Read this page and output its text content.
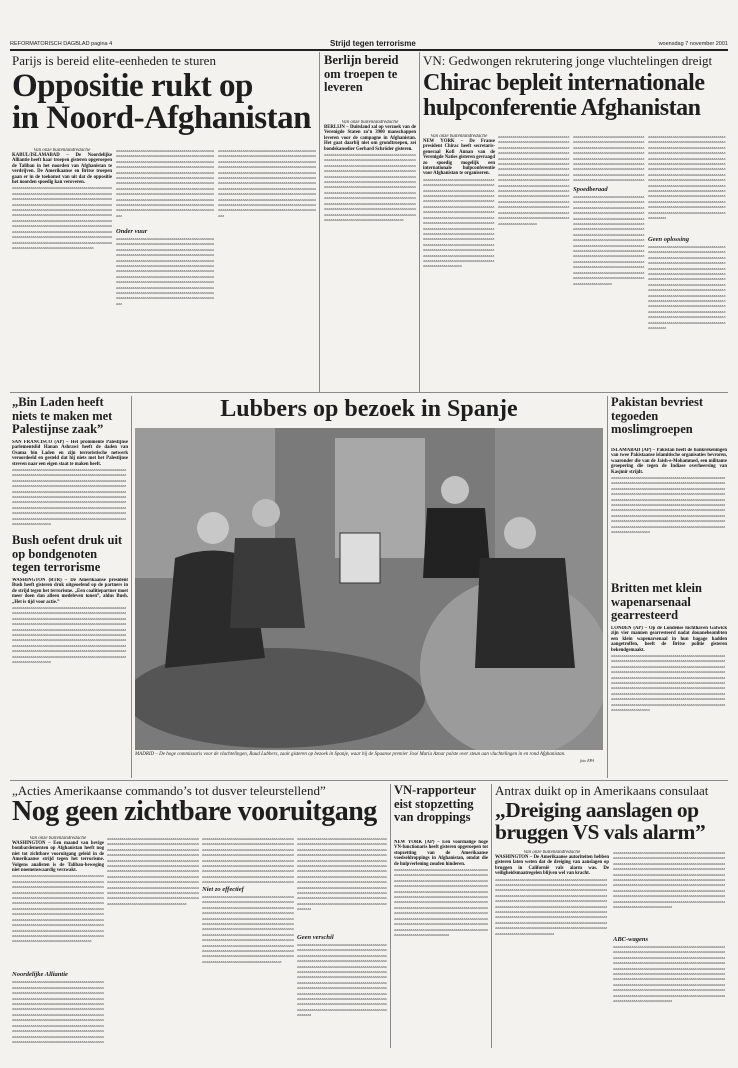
REFORMATORISCH DAGBLAD pagina 4	Strijd tegen terrorisme	woensdag 7 november 2001
Parijs is bereid elite-eenheden te sturen
Oppositie rukt op
in Noord-Afghanistan
Van onze buitenlandredactie
KABUL/ISLAMABAD – De Noordelijke Alliantie heeft haar troepen gisteren opgeroepen de Taliban in het noorden van Afghanistan te verdrijven. De Amerikaanse en Britse troepen gaan er in de toekomst van uit dat de oppositie het noorden spoedig kan veroveren.
aaaaaaaaaaaaaaaaaaaaaaaaaaaaaaaaaaaaaaaaaaaaaaaaaaaaaaaaaaaaaaaaaaaaaaaaaaaaaaaaaaaaaaaaaaaaaaaaaaaaaaaaaaaaaaaaaaaaaaaaaaaaaaaaaaaaaaaaaaaaaaaaaaaaaaaaaaaaaaaaaaaaaaaaaaaaaaaaaaaaaaaaaaaaaaaaaaaaaaaaaaaaaaaaaaaaaaaaaaaaaaaaaaaaaaaaaaaaaaaaaaaaaaaaaaaaaaaaaaaaaaaaaaaaaaaaaaaaaaaaaaaaaaaaaaaaaaaaaaaaaaaaaaaaaaaaaaaaaaaaaaaaaaaaaaaaaaaaaaaaaaaaaaaaaaaaaaaaaaaaaaaaaaaaaaaaaaaaaaaaaaaaaaaaaaaaaaaaaaaaaaaaaaaaaaaaaaaaaaaaaaaaaaaaaaaaaaaaaaaaaaaaaaaaaaaaaaaaaaaaaaaaaaaaaaaaaaaaaaaaaaaaaaaaaaaaaaaaaaaaaaaaaaaaaaaaaaaaaaaaaaaaaaaaaaaaaaaaaaaaaaaaaaaaaaaaaaaaaaaaaaaaaaaaaaaaaaaaaaa
aaaaaaaaaaaaaaaaaaaaaaaaaaaaaaaaaaaaaaaaaaaaaaaaaaaaaaaaaaaaaaaaaaaaaaaaaaaaaaaaaaaaaaaaaaaaaaaaaaaaaaaaaaaaaaaaaaaaaaaaaaaaaaaaaaaaaaaaaaaaaaaaaaaaaaaaaaaaaaaaaaaaaaaaaaaaaaaaaaaaaaaaaaaaaaaaaaaaaaaaaaaaaaaaaaaaaaaaaaaaaaaaaaaaaaaaaaaaaaaaaaaaaaaaaaaaaaaaaaaaaaaaaaaaaaaaaaaaaaaaaaaaaaaaaaaaaaaaaaaaaaaaaaaaaaaaaaaaaaaaaaaaaaaaaaaaaaaaaaaaaaaaaaaaaaaaaaaaaaaaaaaaaaaaaaaaaaaaaaaaaaaaaaaaaaaaaaaaaaaaaaaaaaaaaaaaaaaaaaaaaaaaaaaaaaaaaaaaaaaaaaaaaaaaaaaaaaaaaaaaaaaaaaaaaaaaaaaaaaaaaaaaaaaaaaaaaaaaaaaaaaaaaaaaaaaaaaaaaaaaaaaaaaaaaaaaaaaaaaaaaaaaaaaaaaaaaaaaaaaaaaaaaaaaaaaaaaaaaaa
Onder vuur
aaaaaaaaaaaaaaaaaaaaaaaaaaaaaaaaaaaaaaaaaaaaaaaaaaaaaaaaaaaaaaaaaaaaaaaaaaaaaaaaaaaaaaaaaaaaaaaaaaaaaaaaaaaaaaaaaaaaaaaaaaaaaaaaaaaaaaaaaaaaaaaaaaaaaaaaaaaaaaaaaaaaaaaaaaaaaaaaaaaaaaaaaaaaaaaaaaaaaaaaaaaaaaaaaaaaaaaaaaaaaaaaaaaaaaaaaaaaaaaaaaaaaaaaaaaaaaaaaaaaaaaaaaaaaaaaaaaaaaaaaaaaaaaaaaaaaaaaaaaaaaaaaaaaaaaaaaaaaaaaaaaaaaaaaaaaaaaaaaaaaaaaaaaaaaaaaaaaaaaaaaaaaaaaaaaaaaaaaaaaaaaaaaaaaaaaaaaaaaaaaaaaaaaaaaaaaaaaaaaaaaaaaaaaaaaaaaaaaaaaaaaaaaaaaaaaaaaaaaaaaaaaaaaaaaaaaaaaaaaaaaaaaaaaaaaaaaaaaaaaaaaaaaaaaaaaaaaaaaaaaaaaaaaaaaaaaaaaaaaaaaaaaaaaaaaaaaaaaaaaaaaaaaaaaaaaaaaaaaa
aaaaaaaaaaaaaaaaaaaaaaaaaaaaaaaaaaaaaaaaaaaaaaaaaaaaaaaaaaaaaaaaaaaaaaaaaaaaaaaaaaaaaaaaaaaaaaaaaaaaaaaaaaaaaaaaaaaaaaaaaaaaaaaaaaaaaaaaaaaaaaaaaaaaaaaaaaaaaaaaaaaaaaaaaaaaaaaaaaaaaaaaaaaaaaaaaaaaaaaaaaaaaaaaaaaaaaaaaaaaaaaaaaaaaaaaaaaaaaaaaaaaaaaaaaaaaaaaaaaaaaaaaaaaaaaaaaaaaaaaaaaaaaaaaaaaaaaaaaaaaaaaaaaaaaaaaaaaaaaaaaaaaaaaaaaaaaaaaaaaaaaaaaaaaaaaaaaaaaaaaaaaaaaaaaaaaaaaaaaaaaaaaaaaaaaaaaaaaaaaaaaaaaaaaaaaaaaaaaaaaaaaaaaaaaaaaaaaaaaaaaaaaaaaaaaaaaaaaaaaaaaaaaaaaaaaaaaaaaaaaaaaaaaaaaaaaaaaaaaaaaaaaaaaaaaaaaaaaaaaaaaaaaaaaaaaaaaaaaaaaaaaaaaaaaaaaaaaaaaaaaaaaaaaaaaaaaaaaaa
Berlijn bereid om troepen te leveren
Van onze buitenlandredactie
BERLIJN – Duitsland zal op verzoek van de Verenigde Staten zo’n 3900 manschappen leveren voor de campagne in Afghanistan. Het gaat daarbij niet om grondtroepen, zei bondskanselier Gerhard Schröder gisteren.
aaaaaaaaaaaaaaaaaaaaaaaaaaaaaaaaaaaaaaaaaaaaaaaaaaaaaaaaaaaaaaaaaaaaaaaaaaaaaaaaaaaaaaaaaaaaaaaaaaaaaaaaaaaaaaaaaaaaaaaaaaaaaaaaaaaaaaaaaaaaaaaaaaaaaaaaaaaaaaaaaaaaaaaaaaaaaaaaaaaaaaaaaaaaaaaaaaaaaaaaaaaaaaaaaaaaaaaaaaaaaaaaaaaaaaaaaaaaaaaaaaaaaaaaaaaaaaaaaaaaaaaaaaaaaaaaaaaaaaaaaaaaaaaaaaaaaaaaaaaaaaaaaaaaaaaaaaaaaaaaaaaaaaaaaaaaaaaaaaaaaaaaaaaaaaaaaaaaaaaaaaaaaaaaaaaaaaaaaaaaaaaaaaaaaaaaaaaaaaaaaaaaaaaaaaaaaaaaaaaaaaaaaaaaaaaaaaaaaaaaaaaaaaaaaaaaaaaaaaaaaaaaaaaaaaaaaaaaaaaaaaaaaaaaaaaaaaaaaaaaaaaaaaaaaaaaaaaaaaaaaaaaaaaaaaaaaaaaaaaaaaaaaaaaaaaaaaaaaaaaaaaaaaaaaaaaaaaaaaa
VN: Gedwongen rekrutering jonge vluchtelingen dreigt
Chirac bepleit internationale
hulpconferentie Afghanistan
Van onze buitenlandredactie
NEW YORK – De Franse president Chirac heeft secretaris-generaal Kofi Annan van de Verenigde Naties gisteren gevraagd zo spoedig mogelijk een internationale hulpconferentie voor Afghanistan te organiseren.
aaaaaaaaaaaaaaaaaaaaaaaaaaaaaaaaaaaaaaaaaaaaaaaaaaaaaaaaaaaaaaaaaaaaaaaaaaaaaaaaaaaaaaaaaaaaaaaaaaaaaaaaaaaaaaaaaaaaaaaaaaaaaaaaaaaaaaaaaaaaaaaaaaaaaaaaaaaaaaaaaaaaaaaaaaaaaaaaaaaaaaaaaaaaaaaaaaaaaaaaaaaaaaaaaaaaaaaaaaaaaaaaaaaaaaaaaaaaaaaaaaaaaaaaaaaaaaaaaaaaaaaaaaaaaaaaaaaaaaaaaaaaaaaaaaaaaaaaaaaaaaaaaaaaaaaaaaaaaaaaaaaaaaaaaaaaaaaaaaaaaaaaaaaaaaaaaaaaaaaaaaaaaaaaaaaaaaaaaaaaaaaaaaaaaaaaaaaaaaaaaaaaaaaaaaaaaaaaaaaaaaaaaaaaaaaaaaaaaaaaaaaaaaaaaaaaaaaaaaaaaaaaaaaaaaaaaaaaaaaaaaaaaaaaaaaaaaaaaaaaaaaaaaaaaaaaaaaaaaaaaaaaaaaaaaaaaaaaaaaaaaaaaaaaaaaaaaaaaaaaaaaaaaaaaaaaaaaaaaa
aaaaaaaaaaaaaaaaaaaaaaaaaaaaaaaaaaaaaaaaaaaaaaaaaaaaaaaaaaaaaaaaaaaaaaaaaaaaaaaaaaaaaaaaaaaaaaaaaaaaaaaaaaaaaaaaaaaaaaaaaaaaaaaaaaaaaaaaaaaaaaaaaaaaaaaaaaaaaaaaaaaaaaaaaaaaaaaaaaaaaaaaaaaaaaaaaaaaaaaaaaaaaaaaaaaaaaaaaaaaaaaaaaaaaaaaaaaaaaaaaaaaaaaaaaaaaaaaaaaaaaaaaaaaaaaaaaaaaaaaaaaaaaaaaaaaaaaaaaaaaaaaaaaaaaaaaaaaaaaaaaaaaaaaaaaaaaaaaaaaaaaaaaaaaaaaaaaaaaaaaaaaaaaaaaaaaaaaaaaaaaaaaaaaaaaaaaaaaaaaaaaaaaaaaaaaaaaaaaaaaaaaaaaaaaaaaaaaaaaaaaaaaaaaaaaaaaaaaaaaaaaaaaaaaaaaaaaaaaaaaaaaaaaaaaaaaaaaaaaaaaaaaaaaaaaaaaaaaaaaaaaaaaaaaaaaaaaaaaaaaaaaaaaaaaaaaaaaaaaaaaaaaaaaaaaaaaaaaaa
aaaaaaaaaaaaaaaaaaaaaaaaaaaaaaaaaaaaaaaaaaaaaaaaaaaaaaaaaaaaaaaaaaaaaaaaaaaaaaaaaaaaaaaaaaaaaaaaaaaaaaaaaaaaaaaaaaaaaaaaaaaaaaaaaaaaaaaaaaaaaaaaaaaaaaaaaaaaaaaaaaaaaaaaaaaaaaaaaaaaaaaaaaaaaaaaaaaaaaaaaaaaaaaaaaaaaaaaaaaaaaaaaaaaaaaaaaaaaaaaaaaaaaaaaaaaaaaaaaaaaaaaaaaaaaaaaaaaaaaaaaaaaaaaaaaaaaaaaaaaaaaaaaaaaaaaaaa
Spoedberaad
aaaaaaaaaaaaaaaaaaaaaaaaaaaaaaaaaaaaaaaaaaaaaaaaaaaaaaaaaaaaaaaaaaaaaaaaaaaaaaaaaaaaaaaaaaaaaaaaaaaaaaaaaaaaaaaaaaaaaaaaaaaaaaaaaaaaaaaaaaaaaaaaaaaaaaaaaaaaaaaaaaaaaaaaaaaaaaaaaaaaaaaaaaaaaaaaaaaaaaaaaaaaaaaaaaaaaaaaaaaaaaaaaaaaaaaaaaaaaaaaaaaaaaaaaaaaaaaaaaaaaaaaaaaaaaaaaaaaaaaaaaaaaaaaaaaaaaaaaaaaaaaaaaaaaaaaaaaaaaaaaaaaaaaaaaaaaaaaaaaaaaaaaaaaaaaaaaaaaaaaaaaaaaaaaaaaaaaaaaaaaaaaaaaaaaaaaaaaaaaaaaaaaaaaaaaaaaaaaaaaaaaaaaaaaaaaaaaaaaaaaaaaaaaaaaaaaaaaaaaaaaaaaaaaaaaaaaaaaaaaaaaaaaaaaaaaaaaaaaaaaaaaaaaaaaaaaaaaaaaaaaaaaaaaaaaaaaaaaaaaaaaaaaaaaaaaaaaaaaaaaaaaaaaaaaaaaaaaaaa
aaaaaaaaaaaaaaaaaaaaaaaaaaaaaaaaaaaaaaaaaaaaaaaaaaaaaaaaaaaaaaaaaaaaaaaaaaaaaaaaaaaaaaaaaaaaaaaaaaaaaaaaaaaaaaaaaaaaaaaaaaaaaaaaaaaaaaaaaaaaaaaaaaaaaaaaaaaaaaaaaaaaaaaaaaaaaaaaaaaaaaaaaaaaaaaaaaaaaaaaaaaaaaaaaaaaaaaaaaaaaaaaaaaaaaaaaaaaaaaaaaaaaaaaaaaaaaaaaaaaaaaaaaaaaaaaaaaaaaaaaaaaaaaaaaaaaaaaaaaaaaaaaaaaaaaaaaaaaaaaaaaaaaaaaaaaaaaaaaaaaaaaaaaaaaaaaaaaaaaaaaaaaaaaaaaaaaaaaaaaaaaaaaaaaaaaaaaaaaaaaaaaaaaaaaaaaaaaaaaaaaaaaaaaaaaaaaaaaaaaaaaaaaaaaaaaaaaaaaaaaaaaaaaaaaaaaaaaaaaaaaaaaaaaaaaaaaaaaaaaaaaaaaaaaaaaaaaaaaaaaaaaaaaaaaaaaaaaaaaaaaaaaaaaaaaaaaaaaaaaaaaaaaaaaaaaaaaaaaa
Geen oplossing
aaaaaaaaaaaaaaaaaaaaaaaaaaaaaaaaaaaaaaaaaaaaaaaaaaaaaaaaaaaaaaaaaaaaaaaaaaaaaaaaaaaaaaaaaaaaaaaaaaaaaaaaaaaaaaaaaaaaaaaaaaaaaaaaaaaaaaaaaaaaaaaaaaaaaaaaaaaaaaaaaaaaaaaaaaaaaaaaaaaaaaaaaaaaaaaaaaaaaaaaaaaaaaaaaaaaaaaaaaaaaaaaaaaaaaaaaaaaaaaaaaaaaaaaaaaaaaaaaaaaaaaaaaaaaaaaaaaaaaaaaaaaaaaaaaaaaaaaaaaaaaaaaaaaaaaaaaaaaaaaaaaaaaaaaaaaaaaaaaaaaaaaaaaaaaaaaaaaaaaaaaaaaaaaaaaaaaaaaaaaaaaaaaaaaaaaaaaaaaaaaaaaaaaaaaaaaaaaaaaaaaaaaaaaaaaaaaaaaaaaaaaaaaaaaaaaaaaaaaaaaaaaaaaaaaaaaaaaaaaaaaaaaaaaaaaaaaaaaaaaaaaaaaaaaaaaaaaaaaaaaaaaaaaaaaaaaaaaaaaaaaaaaaaaaaaaaaaaaaaaaaaaaaaaaaaaaaaaaaa
„Bin Laden heeft niets te maken met Palestijnse zaak”
SAN FRANCISCO (AP) – Het prominente Palestijnse parlementslid Hanan Ashrawi heeft de daden van Osama bin Laden en zijn terroristische netwerk veroordeeld en gesteld dat hij niets met het Palestijnse streven naar een eigen staat te maken heeft.
aaaaaaaaaaaaaaaaaaaaaaaaaaaaaaaaaaaaaaaaaaaaaaaaaaaaaaaaaaaaaaaaaaaaaaaaaaaaaaaaaaaaaaaaaaaaaaaaaaaaaaaaaaaaaaaaaaaaaaaaaaaaaaaaaaaaaaaaaaaaaaaaaaaaaaaaaaaaaaaaaaaaaaaaaaaaaaaaaaaaaaaaaaaaaaaaaaaaaaaaaaaaaaaaaaaaaaaaaaaaaaaaaaaaaaaaaaaaaaaaaaaaaaaaaaaaaaaaaaaaaaaaaaaaaaaaaaaaaaaaaaaaaaaaaaaaaaaaaaaaaaaaaaaaaaaaaaaaaaaaaaaaaaaaaaaaaaaaaaaaaaaaaaaaaaaaaaaaaaaaaaaaaaaaaaaaaaaaaaaaaaaaaaaaaaaaaaaaaaaaaaaaaaaaaaaaaaaaaaaaaaaaaaaaaaaaaaaaaaaaaaaaaaaaaaaaaaaaaaaaaaaaaaaaaaaaaaaaaaaaaaaaaaaaaaaaaaaaaaaaaaaaaaaaaaaaaaaaaaaaaaaaaaaaaaaaaaaaaaaaaaaaaaaaaaaaaaaaaaaaaaaaaaaaaaaaaaaaaaa
Bush oefent druk uit op bondgenoten tegen terrorisme
WASHINGTON (RTR) – De Amerikaanse president Bush heeft gisteren druk uitgeoefend op de partners in de strijd tegen het terrorisme. „Een coalitiepartner moet meer doen dan alleen medeleven tonen”, aldus Bush. „Het is tijd voor actie.”
aaaaaaaaaaaaaaaaaaaaaaaaaaaaaaaaaaaaaaaaaaaaaaaaaaaaaaaaaaaaaaaaaaaaaaaaaaaaaaaaaaaaaaaaaaaaaaaaaaaaaaaaaaaaaaaaaaaaaaaaaaaaaaaaaaaaaaaaaaaaaaaaaaaaaaaaaaaaaaaaaaaaaaaaaaaaaaaaaaaaaaaaaaaaaaaaaaaaaaaaaaaaaaaaaaaaaaaaaaaaaaaaaaaaaaaaaaaaaaaaaaaaaaaaaaaaaaaaaaaaaaaaaaaaaaaaaaaaaaaaaaaaaaaaaaaaaaaaaaaaaaaaaaaaaaaaaaaaaaaaaaaaaaaaaaaaaaaaaaaaaaaaaaaaaaaaaaaaaaaaaaaaaaaaaaaaaaaaaaaaaaaaaaaaaaaaaaaaaaaaaaaaaaaaaaaaaaaaaaaaaaaaaaaaaaaaaaaaaaaaaaaaaaaaaaaaaaaaaaaaaaaaaaaaaaaaaaaaaaaaaaaaaaaaaaaaaaaaaaaaaaaaaaaaaaaaaaaaaaaaaaaaaaaaaaaaaaaaaaaaaaaaaaaaaaaaaaaaaaaaaaaaaaaaaaaaaaaaaaa
Lubbers op bezoek in Spanje
MADRID – De hoge commissaris voor de vluchtelingen, Ruud Lubbers, zaait gisteren op bezoek in Spanje, waar hij de Spaanse premier José María Aznar polste over steun aan vluchtelingen in en rond Afghanistan.
foto EPA
Pakistan bevriest tegoeden moslimgroepen
ISLAMABAD (AP) – Pakistan heeft de bankrekeningen van twee Pakistaanse islamitische organisaties bevroren, waaronder die van de Jaish-e-Mohammed, een militante groepering die tegen de Indiase overheersing van Kasjmir strijdt.
aaaaaaaaaaaaaaaaaaaaaaaaaaaaaaaaaaaaaaaaaaaaaaaaaaaaaaaaaaaaaaaaaaaaaaaaaaaaaaaaaaaaaaaaaaaaaaaaaaaaaaaaaaaaaaaaaaaaaaaaaaaaaaaaaaaaaaaaaaaaaaaaaaaaaaaaaaaaaaaaaaaaaaaaaaaaaaaaaaaaaaaaaaaaaaaaaaaaaaaaaaaaaaaaaaaaaaaaaaaaaaaaaaaaaaaaaaaaaaaaaaaaaaaaaaaaaaaaaaaaaaaaaaaaaaaaaaaaaaaaaaaaaaaaaaaaaaaaaaaaaaaaaaaaaaaaaaaaaaaaaaaaaaaaaaaaaaaaaaaaaaaaaaaaaaaaaaaaaaaaaaaaaaaaaaaaaaaaaaaaaaaaaaaaaaaaaaaaaaaaaaaaaaaaaaaaaaaaaaaaaaaaaaaaaaaaaaaaaaaaaaaaaaaaaaaaaaaaaaaaaaaaaaaaaaaaaaaaaaaaaaaaaaaaaaaaaaaaaaaaaaaaaaaaaaaaaaaaaaaaaaaaaaaaaaaaaaaaaaaaaaaaaaaaaaaaaaaaaaaaaaaaaaaaaaaaaaaaaaa
Britten met klein wapenarsenaal gearresteerd
LONDEN (AP) – Op de Londense luchthaven Gatwick zijn vier mannen gearresteerd nadat douanebeambten een klein wapenarsenaal in hun bagage hadden aangetroffen, heeft de Britse politie gisteren bekendgemaakt.
aaaaaaaaaaaaaaaaaaaaaaaaaaaaaaaaaaaaaaaaaaaaaaaaaaaaaaaaaaaaaaaaaaaaaaaaaaaaaaaaaaaaaaaaaaaaaaaaaaaaaaaaaaaaaaaaaaaaaaaaaaaaaaaaaaaaaaaaaaaaaaaaaaaaaaaaaaaaaaaaaaaaaaaaaaaaaaaaaaaaaaaaaaaaaaaaaaaaaaaaaaaaaaaaaaaaaaaaaaaaaaaaaaaaaaaaaaaaaaaaaaaaaaaaaaaaaaaaaaaaaaaaaaaaaaaaaaaaaaaaaaaaaaaaaaaaaaaaaaaaaaaaaaaaaaaaaaaaaaaaaaaaaaaaaaaaaaaaaaaaaaaaaaaaaaaaaaaaaaaaaaaaaaaaaaaaaaaaaaaaaaaaaaaaaaaaaaaaaaaaaaaaaaaaaaaaaaaaaaaaaaaaaaaaaaaaaaaaaaaaaaaaaaaaaaaaaaaaaaaaaaaaaaaaaaaaaaaaaaaaaaaaaaaaaaaaaaaaaaaaaaaaaaaaaaaaaaaaaaaaaaaaaaaaaaaaaaaaaaaaaaaaaaaaaaaaaaaaaaaaaaaaaaaaaaaaaaaaaaa
„Acties Amerikaanse commando’s tot dusver teleurstellend”
Nog geen zichtbare vooruitgang
Van onze buitenlandredactie
WASHINGTON – Een maand van hevige bombardementen op Afghanistan heeft nog niet tot zichtbare vooruitgang geleid in de Amerikaanse strijd tegen het terrorisme. Volgens analisten is de Taliban-beweging niet noemenswaardig verzwakt.
aaaaaaaaaaaaaaaaaaaaaaaaaaaaaaaaaaaaaaaaaaaaaaaaaaaaaaaaaaaaaaaaaaaaaaaaaaaaaaaaaaaaaaaaaaaaaaaaaaaaaaaaaaaaaaaaaaaaaaaaaaaaaaaaaaaaaaaaaaaaaaaaaaaaaaaaaaaaaaaaaaaaaaaaaaaaaaaaaaaaaaaaaaaaaaaaaaaaaaaaaaaaaaaaaaaaaaaaaaaaaaaaaaaaaaaaaaaaaaaaaaaaaaaaaaaaaaaaaaaaaaaaaaaaaaaaaaaaaaaaaaaaaaaaaaaaaaaaaaaaaaaaaaaaaaaaaaaaaaaaaaaaaaaaaaaaaaaaaaaaaaaaaaaaaaaaaaaaaaaaaaaaaaaaaaaaaaaaaaaaaaaaaaaaaaaaaaaaaaaaaaaaaaaaaaaaaaaaaaaaaaaaaaaaaaaaaaaaaaaaaaaaaaaaaaaaaaaaaaaaaaaaaaaaaaaaaaaaaaaaaaaaaaaaaaaaaaaaaaaaaaaaaaaaaaaaaaaaaaaaaaaaaaaaaaaaaaaaaaaaaaaaaaaaaaaaaaaaaaaaaaaaaaaaaaaaaaaaaaa
Noordelijke Alliantie
aaaaaaaaaaaaaaaaaaaaaaaaaaaaaaaaaaaaaaaaaaaaaaaaaaaaaaaaaaaaaaaaaaaaaaaaaaaaaaaaaaaaaaaaaaaaaaaaaaaaaaaaaaaaaaaaaaaaaaaaaaaaaaaaaaaaaaaaaaaaaaaaaaaaaaaaaaaaaaaaaaaaaaaaaaaaaaaaaaaaaaaaaaaaaaaaaaaaaaaaaaaaaaaaaaaaaaaaaaaaaaaaaaaaaaaaaaaaaaaaaaaaaaaaaaaaaaaaaaaaaaaaaaaaaaaaaaaaaaaaaaaaaaaaaaaaaaaaaaaaaaaaaaaaaaaaaaaaaaaaaaaaaaaaaaaaaaaaaaaaaaaaaaaaaaaaaaaaaaaaaaaaaaaaaaaaaaaaaaaaaaaaaaaaaaaaaaaaaaaaaaaaaaaaaaaaaaaaaaaaaaaaaaaaaaaaaaaaaaaaaaaaaaaaaaaaaaaaaaaaaaaaaaaaaaaaaaaaaaaaaaaaaaaaaaaaaaaaaaaaaaaaaaaaaaaaaaaaaaaaaaaaaaaaaaaaaaaaaaaa
aaaaaaaaaaaaaaaaaaaaaaaaaaaaaaaaaaaaaaaaaaaaaaaaaaaaaaaaaaaaaaaaaaaaaaaaaaaaaaaaaaaaaaaaaaaaaaaaaaaaaaaaaaaaaaaaaaaaaaaaaaaaaaaaaaaaaaaaaaaaaaaaaaaaaaaaaaaaaaaaaaaaaaaaaaaaaaaaaaaaaaaaaaaaaaaaaaaaaaaaaaaaaaaaaaaaaaaaaaaaaaaaaaaaaaaaaaaaaaaaaaaaaaaaaaaaaaaaaaaaaaaaaaaaaaaaaaaaaaaaaaaaaaaaaaaaaaaaaaaaaaaaaaaaaaaaaaaaaaaaaaaaaaaaaaaaaaaaaaaaaaaaaaaaaaaaaaaaaaaaaaaaaaaaaaaaaaaaaaaaaaaaaaaaaaaaaaaaaaaaaaaaaaaaaaaaaaaaaaaaaaaaaaaaaaaaaaaaaaaaaaaaaaaaaaaaaaaaaaaaaaaaaaaaaaaaaaaaaaaaaaaaaaaaaaaaaaaaaaaaaaaaaaaaaaaaaaaaaaaaaaaaaaaaaaaaaaaaaaaaaaaaaaaaaaaaaaaaaaaaaaaaaaaaaaaaaaaaaaa
aaaaaaaaaaaaaaaaaaaaaaaaaaaaaaaaaaaaaaaaaaaaaaaaaaaaaaaaaaaaaaaaaaaaaaaaaaaaaaaaaaaaaaaaaaaaaaaaaaaaaaaaaaaaaaaaaaaaaaaaaaaaaaaaaaaaaaaaaaaaaaaaaaaaaaaaaaaaaaaaaaaaaaaaaaaaaaaaaaaaaaaaaaaaaaaaaaaaaaaaaaaaaaaaaaaaaaaaaaaaaaaaaaaaaaaaaaaaaaaaaaaaaaaaaaaaaaaaaaaaaaaaaaaaaaaaaaaaaaaaaaaaaaaaaaaaaaaaaaaaaaaaaaaaaaaaaaaaaaaaaaaaaaaaaaaaaaaaaaaaaaaaaaaaaaaaaaaaaaaaaaaaaaaaaaaaaaaaaaaaaaaaaaaaaaaaaaaaaaaaaaaaa
Niet zo effectief
aaaaaaaaaaaaaaaaaaaaaaaaaaaaaaaaaaaaaaaaaaaaaaaaaaaaaaaaaaaaaaaaaaaaaaaaaaaaaaaaaaaaaaaaaaaaaaaaaaaaaaaaaaaaaaaaaaaaaaaaaaaaaaaaaaaaaaaaaaaaaaaaaaaaaaaaaaaaaaaaaaaaaaaaaaaaaaaaaaaaaaaaaaaaaaaaaaaaaaaaaaaaaaaaaaaaaaaaaaaaaaaaaaaaaaaaaaaaaaaaaaaaaaaaaaaaaaaaaaaaaaaaaaaaaaaaaaaaaaaaaaaaaaaaaaaaaaaaaaaaaaaaaaaaaaaaaaaaaaaaaaaaaaaaaaaaaaaaaaaaaaaaaaaaaaaaaaaaaaaaaaaaaaaaaaaaaaaaaaaaaaaaaaaaaaaaaaaaaaaaaaaaaaaaaaaaaaaaaaaaaaaaaaaaaaaaaaaaaaaaaaaaaaaaaaaaaaaaaaaaaaaaaaaaaaaaaaaaaaaaaaaaaaaaaaaaaaaaaaaaaaaaaaaaaaaaaaaaaaaaaaaaaaaaaaaaaaaaaaaaaaaaaaaaaaaaaaaaaaaaaaaaaaaaaaaaaaaaaaa
aaaaaaaaaaaaaaaaaaaaaaaaaaaaaaaaaaaaaaaaaaaaaaaaaaaaaaaaaaaaaaaaaaaaaaaaaaaaaaaaaaaaaaaaaaaaaaaaaaaaaaaaaaaaaaaaaaaaaaaaaaaaaaaaaaaaaaaaaaaaaaaaaaaaaaaaaaaaaaaaaaaaaaaaaaaaaaaaaaaaaaaaaaaaaaaaaaaaaaaaaaaaaaaaaaaaaaaaaaaaaaaaaaaaaaaaaaaaaaaaaaaaaaaaaaaaaaaaaaaaaaaaaaaaaaaaaaaaaaaaaaaaaaaaaaaaaaaaaaaaaaaaaaaaaaaaaaaaaaaaaaaaaaaaaaaaaaaaaaaaaaaaaaaaaaaaaaaaaaaaaaaaaaaaaaaaaaaaaaaaaaaaaaaaaaaaaaaaaaaaaaaaaaaaaaaaaaaaaaaaaaaaaaaaaaaaaaaaaaaaaaaaaaaaaaaaaaaaaaaaaaaaaaaaaaaaaaaaaaaaaaaaaaaaaaaaaaaaaaaaaaaaaaaaaaaaaaaaaaaaaaaaaaaaaaaaaaaaaaaaaaaaaaaaaaaaaaaaaaaaaaaaaaaaaaaaaaaaaaa
Geen verschil
aaaaaaaaaaaaaaaaaaaaaaaaaaaaaaaaaaaaaaaaaaaaaaaaaaaaaaaaaaaaaaaaaaaaaaaaaaaaaaaaaaaaaaaaaaaaaaaaaaaaaaaaaaaaaaaaaaaaaaaaaaaaaaaaaaaaaaaaaaaaaaaaaaaaaaaaaaaaaaaaaaaaaaaaaaaaaaaaaaaaaaaaaaaaaaaaaaaaaaaaaaaaaaaaaaaaaaaaaaaaaaaaaaaaaaaaaaaaaaaaaaaaaaaaaaaaaaaaaaaaaaaaaaaaaaaaaaaaaaaaaaaaaaaaaaaaaaaaaaaaaaaaaaaaaaaaaaaaaaaaaaaaaaaaaaaaaaaaaaaaaaaaaaaaaaaaaaaaaaaaaaaaaaaaaaaaaaaaaaaaaaaaaaaaaaaaaaaaaaaaaaaaaaaaaaaaaaaaaaaaaaaaaaaaaaaaaaaaaaaaaaaaaaaaaaaaaaaaaaaaaaaaaaaaaaaaaaaaaaaaaaaaaaaaaaaaaaaaaaaaaaaaaaaaaaaaaaaaaaaaaaaaaaaaaaaaaaaaaaaaaaaaaaaaaaaaaaaaaaaaaaaaaaaaaaaaaaaaaaa
VN-rapporteur eist stopzetting van droppings
NEW YORK (AP) – Een voormalige hoge VN-functionaris heeft gisteren opgeroepen tot stopzetting van de Amerikaanse voedseldroppings in Afghanistan, omdat die de hulpverlening zouden hinderen.
aaaaaaaaaaaaaaaaaaaaaaaaaaaaaaaaaaaaaaaaaaaaaaaaaaaaaaaaaaaaaaaaaaaaaaaaaaaaaaaaaaaaaaaaaaaaaaaaaaaaaaaaaaaaaaaaaaaaaaaaaaaaaaaaaaaaaaaaaaaaaaaaaaaaaaaaaaaaaaaaaaaaaaaaaaaaaaaaaaaaaaaaaaaaaaaaaaaaaaaaaaaaaaaaaaaaaaaaaaaaaaaaaaaaaaaaaaaaaaaaaaaaaaaaaaaaaaaaaaaaaaaaaaaaaaaaaaaaaaaaaaaaaaaaaaaaaaaaaaaaaaaaaaaaaaaaaaaaaaaaaaaaaaaaaaaaaaaaaaaaaaaaaaaaaaaaaaaaaaaaaaaaaaaaaaaaaaaaaaaaaaaaaaaaaaaaaaaaaaaaaaaaaaaaaaaaaaaaaaaaaaaaaaaaaaaaaaaaaaaaaaaaaaaaaaaaaaaaaaaaaaaaaaaaaaaaaaaaaaaaaaaaaaaaaaaaaaaaaaaaaaaaaaaaaaaaaaaaaaaaaaaaaaaaaaaaaaaaaaaaaaaaaaaaaaaaaaaaaaaaaaaaaaaaaaaaaaaaaaa
Antrax duikt op in Amerikaans consulaat
„Dreiging aanslagen op
bruggen VS vals alarm”
Van onze buitenlandredactie
WASHINGTON – De Amerikaanse autoriteiten hebben gisteren laten weten dat de dreiging van aanslagen op bruggen in Californië vals alarm was. De veiligheidsmaatregelen blijven wel van kracht.
aaaaaaaaaaaaaaaaaaaaaaaaaaaaaaaaaaaaaaaaaaaaaaaaaaaaaaaaaaaaaaaaaaaaaaaaaaaaaaaaaaaaaaaaaaaaaaaaaaaaaaaaaaaaaaaaaaaaaaaaaaaaaaaaaaaaaaaaaaaaaaaaaaaaaaaaaaaaaaaaaaaaaaaaaaaaaaaaaaaaaaaaaaaaaaaaaaaaaaaaaaaaaaaaaaaaaaaaaaaaaaaaaaaaaaaaaaaaaaaaaaaaaaaaaaaaaaaaaaaaaaaaaaaaaaaaaaaaaaaaaaaaaaaaaaaaaaaaaaaaaaaaaaaaaaaaaaaaaaaaaaaaaaaaaaaaaaaaaaaaaaaaaaaaaaaaaaaaaaaaaaaaaaaaaaaaaaaaaaaaaaaaaaaaaaaaaaaaaaaaaaaaaaaaaaaaaaaaaaaaaaaaaaaaaaaaaaaaaaaaaaaaaaaaaaaaaaaaaaaaaaaaaaaaaaaaaaaaaaaaaaaaaaaaaaaaaaaaaaaaaaaaaaaaaaaaaaaaaaaaaaaaaaaaaaaaaaaaaaaaaaaaaaaaaaaaaaaaaaaaaaaaaaaaaaaaaaaaaaa
aaaaaaaaaaaaaaaaaaaaaaaaaaaaaaaaaaaaaaaaaaaaaaaaaaaaaaaaaaaaaaaaaaaaaaaaaaaaaaaaaaaaaaaaaaaaaaaaaaaaaaaaaaaaaaaaaaaaaaaaaaaaaaaaaaaaaaaaaaaaaaaaaaaaaaaaaaaaaaaaaaaaaaaaaaaaaaaaaaaaaaaaaaaaaaaaaaaaaaaaaaaaaaaaaaaaaaaaaaaaaaaaaaaaaaaaaaaaaaaaaaaaaaaaaaaaaaaaaaaaaaaaaaaaaaaaaaaaaaaaaaaaaaaaaaaaaaaaaaaaaaaaaaaaaaaaaaaaaaaaaaaaaaaaaaaaaaaaaaaaaaaaaaaaaaaaaaaaaaaaaaaaaaaaaaaaaaaaaaaaaaaaaaaaaaaaaaaaaaaaaaaaaaaaaaaaaaaaaaaaaaaaaaaaaaaaaaaaaaaaaaaaaaaaaaaaaaaaaaaaaaaaaaaaaaaaaaaaaaaaaaaaaaaaaaaaaaaaaaaaaaaaaaaaaaaaaaaaaaaaaaaaaaaaaaaaaaaaaaaaaaaaaaaaaaaaaaaaaaaaaaaaaaaaaaaaaaaaaaa
ABC-wagens
aaaaaaaaaaaaaaaaaaaaaaaaaaaaaaaaaaaaaaaaaaaaaaaaaaaaaaaaaaaaaaaaaaaaaaaaaaaaaaaaaaaaaaaaaaaaaaaaaaaaaaaaaaaaaaaaaaaaaaaaaaaaaaaaaaaaaaaaaaaaaaaaaaaaaaaaaaaaaaaaaaaaaaaaaaaaaaaaaaaaaaaaaaaaaaaaaaaaaaaaaaaaaaaaaaaaaaaaaaaaaaaaaaaaaaaaaaaaaaaaaaaaaaaaaaaaaaaaaaaaaaaaaaaaaaaaaaaaaaaaaaaaaaaaaaaaaaaaaaaaaaaaaaaaaaaaaaaaaaaaaaaaaaaaaaaaaaaaaaaaaaaaaaaaaaaaaaaaaaaaaaaaaaaaaaaaaaaaaaaaaaaaaaaaaaaaaaaaaaaaaaaaaaaaaaaaaaaaaaaaaaaaaaaaaaaaaaaaaaaaaaaaaaaaaaaaaaaaaaaaaaaaaaaaaaaaaaaaaaaaaaaaaaaaaaaaaaaaaaaaaaaaaaaaaaaaaaaaaaaaaaaaaaaaaaaaaaaaaaaaaaaaaaaaaaaaaaaaaaaaaaaaaaaaaaaaaaaaaaa
